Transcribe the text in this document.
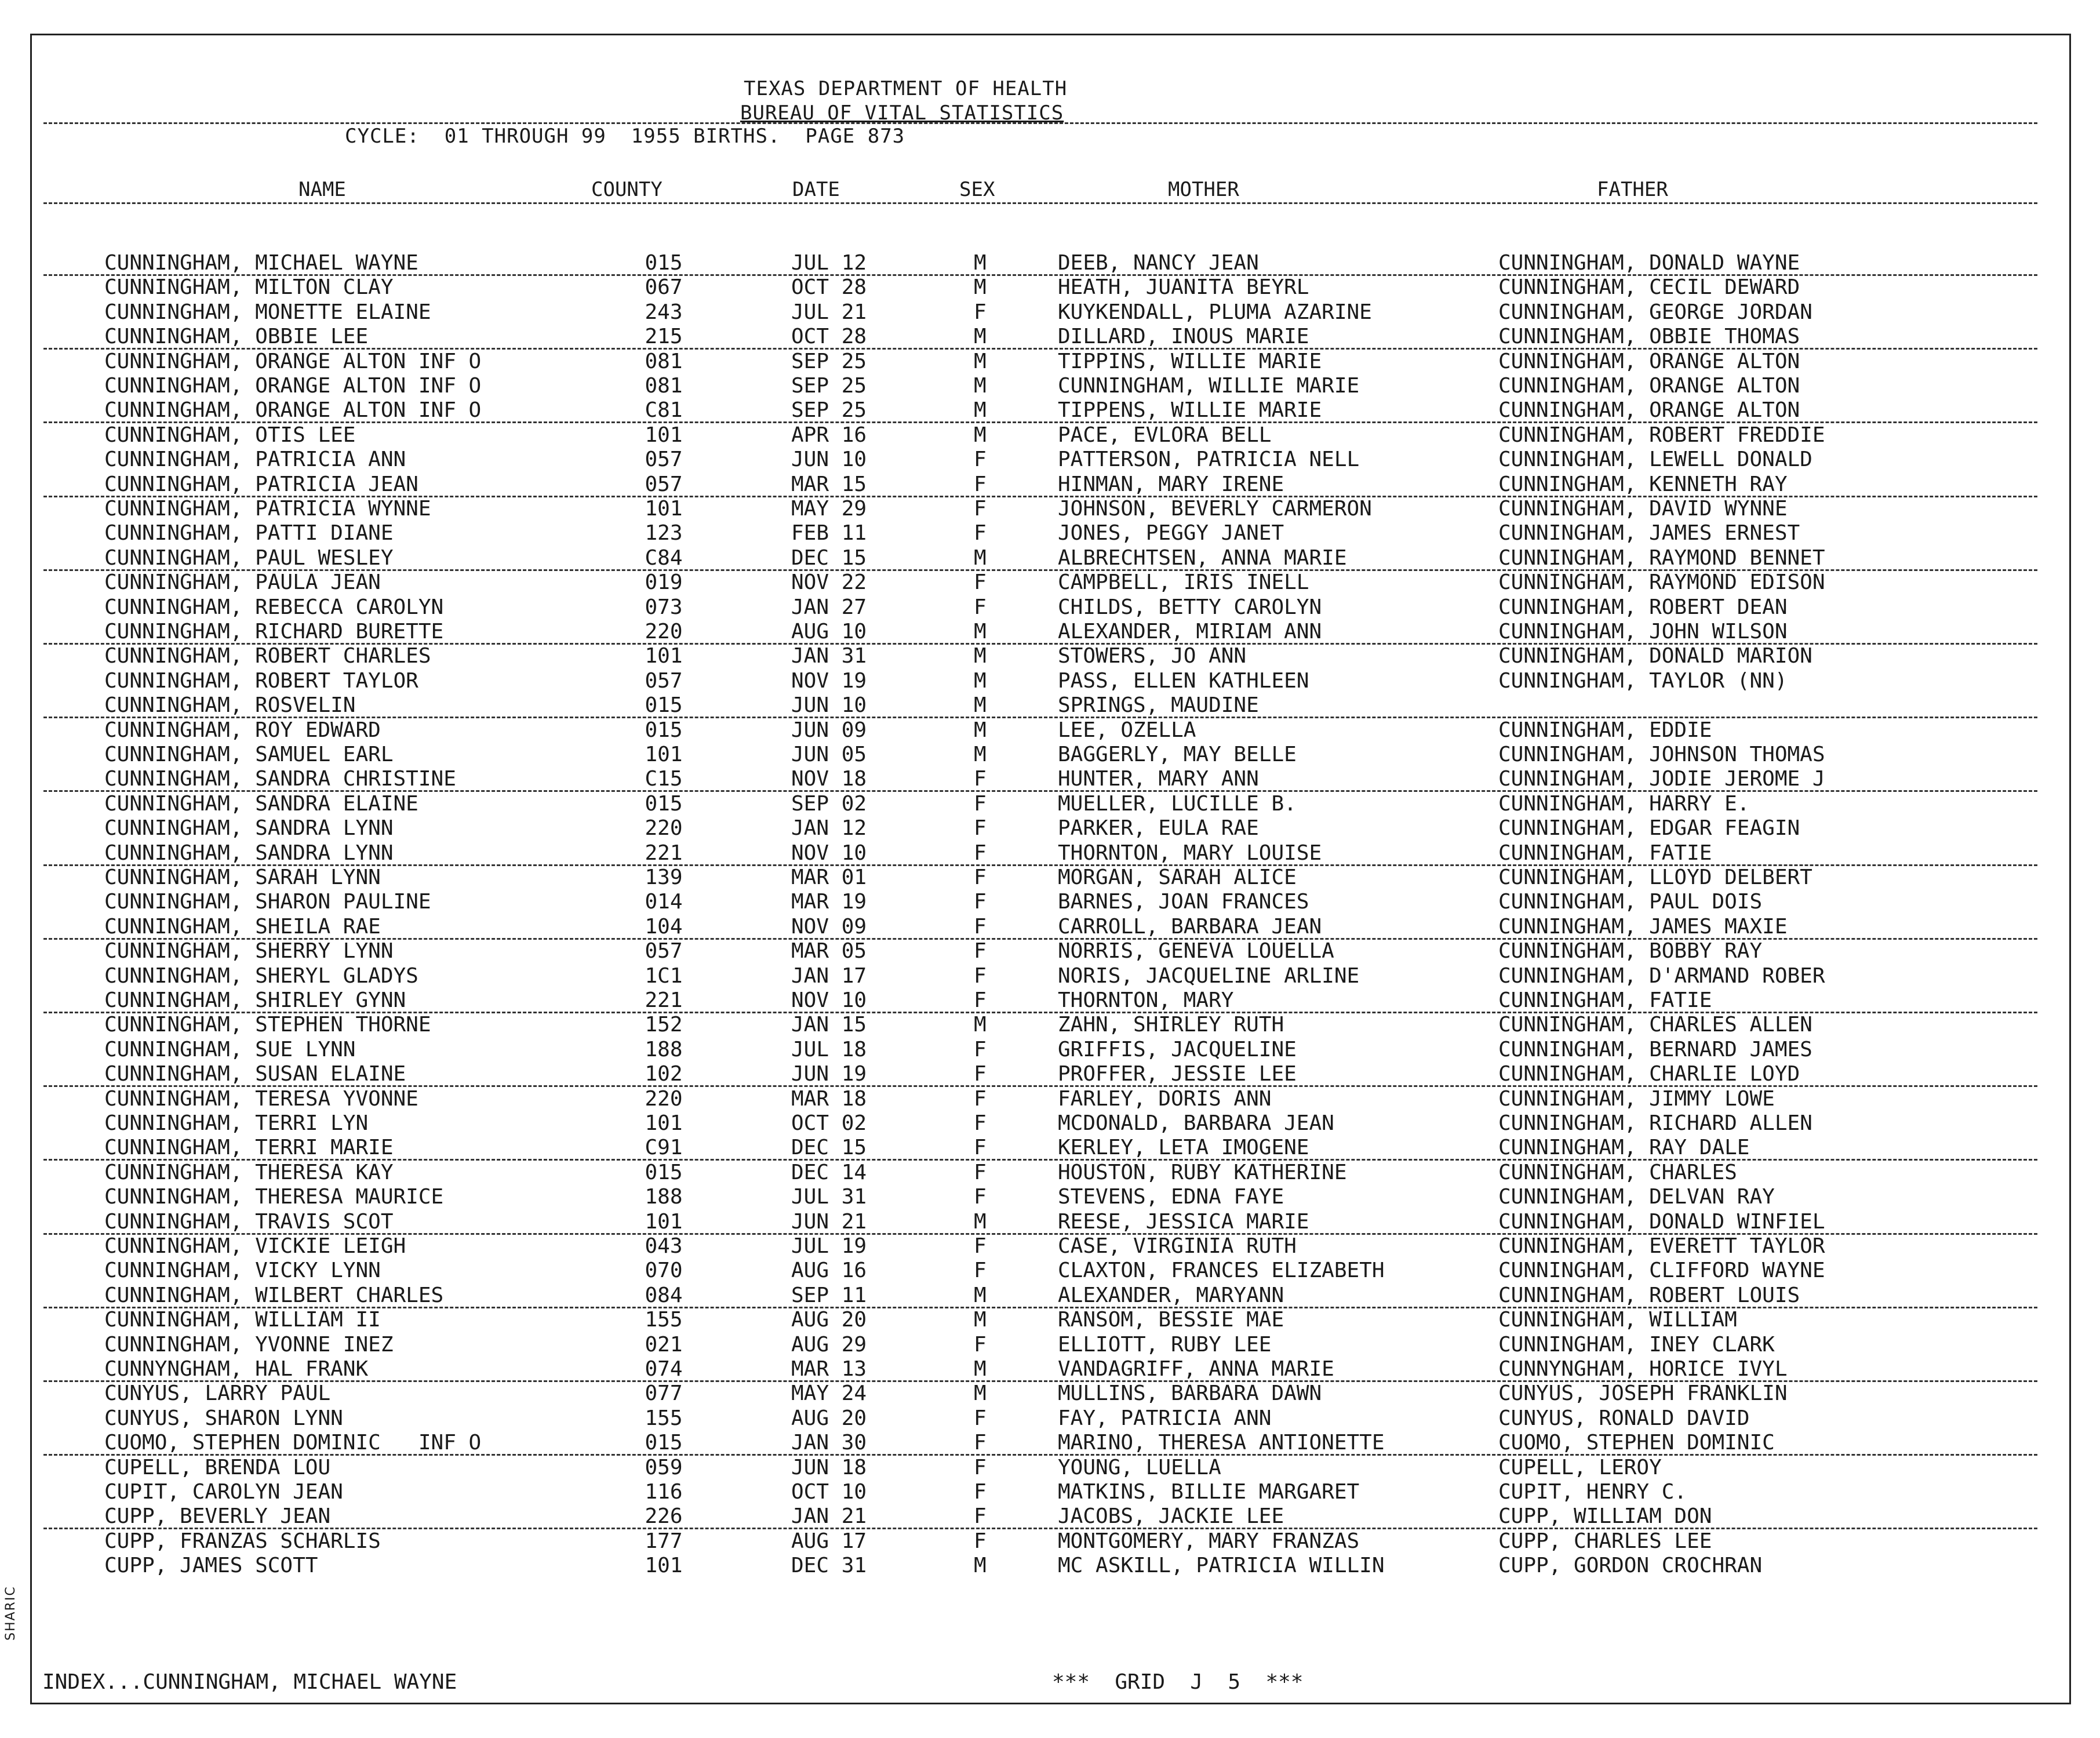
TEXAS DEPARTMENT OF HEALTH
BUREAU OF VITAL STATISTICS
CYCLE:  01 THROUGH 99  1955 BIRTHS.  PAGE 873
NAME	COUNTY	DATE	SEX	MOTHER	FATHER
CUNNINGHAM, MICHAEL WAYNE	015	JUL 12	M	DEEB, NANCY JEAN	CUNNINGHAM, DONALD WAYNE
CUNNINGHAM, MILTON CLAY	067	OCT 28	M	HEATH, JUANITA BEYRL	CUNNINGHAM, CECIL DEWARD
CUNNINGHAM, MONETTE ELAINE	243	JUL 21	F	KUYKENDALL, PLUMA AZARINE	CUNNINGHAM, GEORGE JORDAN
CUNNINGHAM, OBBIE LEE	215	OCT 28	M	DILLARD, INOUS MARIE	CUNNINGHAM, OBBIE THOMAS
CUNNINGHAM, ORANGE ALTON INF O	081	SEP 25	M	TIPPINS, WILLIE MARIE	CUNNINGHAM, ORANGE ALTON
CUNNINGHAM, ORANGE ALTON INF O	081	SEP 25	M	CUNNINGHAM, WILLIE MARIE	CUNNINGHAM, ORANGE ALTON
CUNNINGHAM, ORANGE ALTON INF O	C81	SEP 25	M	TIPPENS, WILLIE MARIE	CUNNINGHAM, ORANGE ALTON
CUNNINGHAM, OTIS LEE	101	APR 16	M	PACE, EVLORA BELL	CUNNINGHAM, ROBERT FREDDIE
CUNNINGHAM, PATRICIA ANN	057	JUN 10	F	PATTERSON, PATRICIA NELL	CUNNINGHAM, LEWELL DONALD
CUNNINGHAM, PATRICIA JEAN	057	MAR 15	F	HINMAN, MARY IRENE	CUNNINGHAM, KENNETH RAY
CUNNINGHAM, PATRICIA WYNNE	101	MAY 29	F	JOHNSON, BEVERLY CARMERON	CUNNINGHAM, DAVID WYNNE
CUNNINGHAM, PATTI DIANE	123	FEB 11	F	JONES, PEGGY JANET	CUNNINGHAM, JAMES ERNEST
CUNNINGHAM, PAUL WESLEY	C84	DEC 15	M	ALBRECHTSEN, ANNA MARIE	CUNNINGHAM, RAYMOND BENNET
CUNNINGHAM, PAULA JEAN	019	NOV 22	F	CAMPBELL, IRIS INELL	CUNNINGHAM, RAYMOND EDISON
CUNNINGHAM, REBECCA CAROLYN	073	JAN 27	F	CHILDS, BETTY CAROLYN	CUNNINGHAM, ROBERT DEAN
CUNNINGHAM, RICHARD BURETTE	220	AUG 10	M	ALEXANDER, MIRIAM ANN	CUNNINGHAM, JOHN WILSON
CUNNINGHAM, ROBERT CHARLES	101	JAN 31	M	STOWERS, JO ANN	CUNNINGHAM, DONALD MARION
CUNNINGHAM, ROBERT TAYLOR	057	NOV 19	M	PASS, ELLEN KATHLEEN	CUNNINGHAM, TAYLOR (NN)
CUNNINGHAM, ROSVELIN	015	JUN 10	M	SPRINGS, MAUDINE
CUNNINGHAM, ROY EDWARD	015	JUN 09	M	LEE, OZELLA	CUNNINGHAM, EDDIE
CUNNINGHAM, SAMUEL EARL	101	JUN 05	M	BAGGERLY, MAY BELLE	CUNNINGHAM, JOHNSON THOMAS
CUNNINGHAM, SANDRA CHRISTINE	C15	NOV 18	F	HUNTER, MARY ANN	CUNNINGHAM, JODIE JEROME J
CUNNINGHAM, SANDRA ELAINE	015	SEP 02	F	MUELLER, LUCILLE B.	CUNNINGHAM, HARRY E.
CUNNINGHAM, SANDRA LYNN	220	JAN 12	F	PARKER, EULA RAE	CUNNINGHAM, EDGAR FEAGIN
CUNNINGHAM, SANDRA LYNN	221	NOV 10	F	THORNTON, MARY LOUISE	CUNNINGHAM, FATIE
CUNNINGHAM, SARAH LYNN	139	MAR 01	F	MORGAN, SARAH ALICE	CUNNINGHAM, LLOYD DELBERT
CUNNINGHAM, SHARON PAULINE	014	MAR 19	F	BARNES, JOAN FRANCES	CUNNINGHAM, PAUL DOIS
CUNNINGHAM, SHEILA RAE	104	NOV 09	F	CARROLL, BARBARA JEAN	CUNNINGHAM, JAMES MAXIE
CUNNINGHAM, SHERRY LYNN	057	MAR 05	F	NORRIS, GENEVA LOUELLA	CUNNINGHAM, BOBBY RAY
CUNNINGHAM, SHERYL GLADYS	1C1	JAN 17	F	NORIS, JACQUELINE ARLINE	CUNNINGHAM, D'ARMAND ROBER
CUNNINGHAM, SHIRLEY GYNN	221	NOV 10	F	THORNTON, MARY	CUNNINGHAM, FATIE
CUNNINGHAM, STEPHEN THORNE	152	JAN 15	M	ZAHN, SHIRLEY RUTH	CUNNINGHAM, CHARLES ALLEN
CUNNINGHAM, SUE LYNN	188	JUL 18	F	GRIFFIS, JACQUELINE	CUNNINGHAM, BERNARD JAMES
CUNNINGHAM, SUSAN ELAINE	102	JUN 19	F	PROFFER, JESSIE LEE	CUNNINGHAM, CHARLIE LOYD
CUNNINGHAM, TERESA YVONNE	220	MAR 18	F	FARLEY, DORIS ANN	CUNNINGHAM, JIMMY LOWE
CUNNINGHAM, TERRI LYN	101	OCT 02	F	MCDONALD, BARBARA JEAN	CUNNINGHAM, RICHARD ALLEN
CUNNINGHAM, TERRI MARIE	C91	DEC 15	F	KERLEY, LETA IMOGENE	CUNNINGHAM, RAY DALE
CUNNINGHAM, THERESA KAY	015	DEC 14	F	HOUSTON, RUBY KATHERINE	CUNNINGHAM, CHARLES
CUNNINGHAM, THERESA MAURICE	188	JUL 31	F	STEVENS, EDNA FAYE	CUNNINGHAM, DELVAN RAY
CUNNINGHAM, TRAVIS SCOT	101	JUN 21	M	REESE, JESSICA MARIE	CUNNINGHAM, DONALD WINFIEL
CUNNINGHAM, VICKIE LEIGH	043	JUL 19	F	CASE, VIRGINIA RUTH	CUNNINGHAM, EVERETT TAYLOR
CUNNINGHAM, VICKY LYNN	070	AUG 16	F	CLAXTON, FRANCES ELIZABETH	CUNNINGHAM, CLIFFORD WAYNE
CUNNINGHAM, WILBERT CHARLES	084	SEP 11	M	ALEXANDER, MARYANN	CUNNINGHAM, ROBERT LOUIS
CUNNINGHAM, WILLIAM II	155	AUG 20	M	RANSOM, BESSIE MAE	CUNNINGHAM, WILLIAM
CUNNINGHAM, YVONNE INEZ	021	AUG 29	F	ELLIOTT, RUBY LEE	CUNNINGHAM, INEY CLARK
CUNNYNGHAM, HAL FRANK	074	MAR 13	M	VANDAGRIFF, ANNA MARIE	CUNNYNGHAM, HORICE IVYL
CUNYUS, LARRY PAUL	077	MAY 24	M	MULLINS, BARBARA DAWN	CUNYUS, JOSEPH FRANKLIN
CUNYUS, SHARON LYNN	155	AUG 20	F	FAY, PATRICIA ANN	CUNYUS, RONALD DAVID
CUOMO, STEPHEN DOMINIC   INF O	015	JAN 30	F	MARINO, THERESA ANTIONETTE	CUOMO, STEPHEN DOMINIC
CUPELL, BRENDA LOU	059	JUN 18	F	YOUNG, LUELLA	CUPELL, LEROY
CUPIT, CAROLYN JEAN	116	OCT 10	F	MATKINS, BILLIE MARGARET	CUPIT, HENRY C.
CUPP, BEVERLY JEAN	226	JAN 21	F	JACOBS, JACKIE LEE	CUPP, WILLIAM DON
CUPP, FRANZAS SCHARLIS	177	AUG 17	F	MONTGOMERY, MARY FRANZAS	CUPP, CHARLES LEE
CUPP, JAMES SCOTT	101	DEC 31	M	MC ASKILL, PATRICIA WILLIN	CUPP, GORDON CROCHRAN
INDEX...CUNNINGHAM, MICHAEL WAYNE	***  GRID  J  5  ***
SHARIC
